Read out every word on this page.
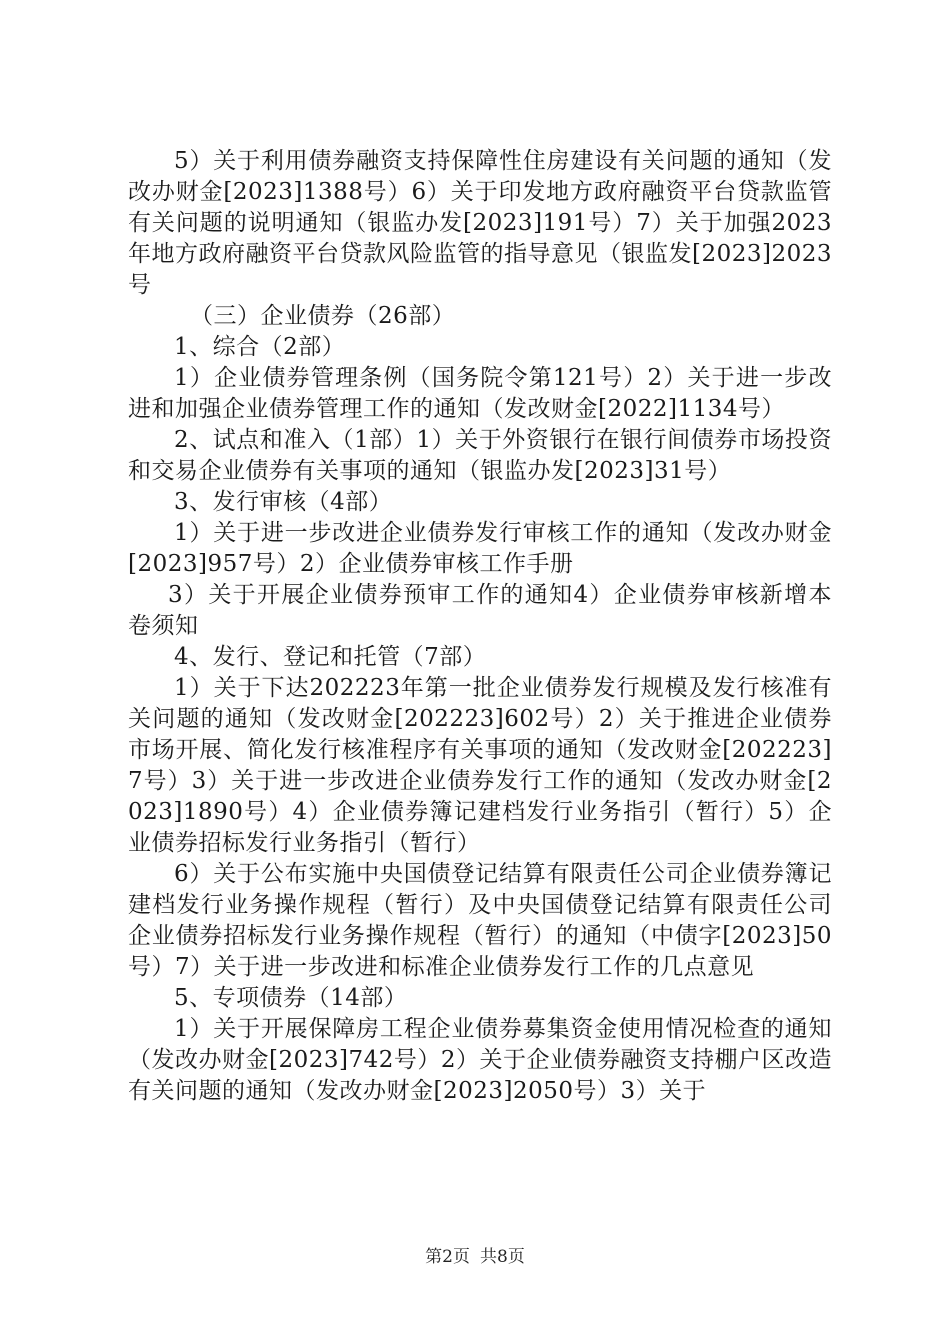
5）关于利用债券融资支持保障性住房建设有关问题的通知（发改办财金[2023]1388号）6）关于印发地方政府融资平台贷款监管有关问题的说明通知（银监办发[2023]191号）7）关于加强2023年地方政府融资平台贷款风险监管的指导意见（银监发[2023]2023号

（三）企业债券（26部）

1、综合（2部）

1）企业债券管理条例（国务院令第121号）2）关于进一步改进和加强企业债券管理工作的通知（发改财金[2022]1134号）

2、试点和准入（1部）1）关于外资银行在银行间债券市场投资和交易企业债券有关事项的通知（银监办发[2023]31号）

3、发行审核（4部）

1）关于进一步改进企业债券发行审核工作的通知（发改办财金[2023]957号）2）企业债券审核工作手册

3）关于开展企业债券预审工作的通知4）企业债券审核新增本卷须知

4、发行、登记和托管（7部）

1）关于下达202223年第一批企业债券发行规模及发行核准有关问题的通知（发改财金[202223]602号）2）关于推进企业债券市场开展、简化发行核准程序有关事项的通知（发改财金[202223]7号）3）关于进一步改进企业债券发行工作的通知（发改办财金[2023]1890号）4）企业债券簿记建档发行业务指引（暂行）5）企业债券招标发行业务指引（暂行）

6）关于公布实施中央国债登记结算有限责任公司企业债券簿记建档发行业务操作规程（暂行）及中央国债登记结算有限责任公司企业债券招标发行业务操作规程（暂行）的通知（中债字[2023]50号）7）关于进一步改进和标准企业债券发行工作的几点意见

5、专项债券（14部）

1）关于开展保障房工程企业债券募集资金使用情况检查的通知（发改办财金[2023]742号）2）关于企业债券融资支持棚户区改造有关问题的通知（发改办财金[2023]2050号）3）关于

第2页 共8页
